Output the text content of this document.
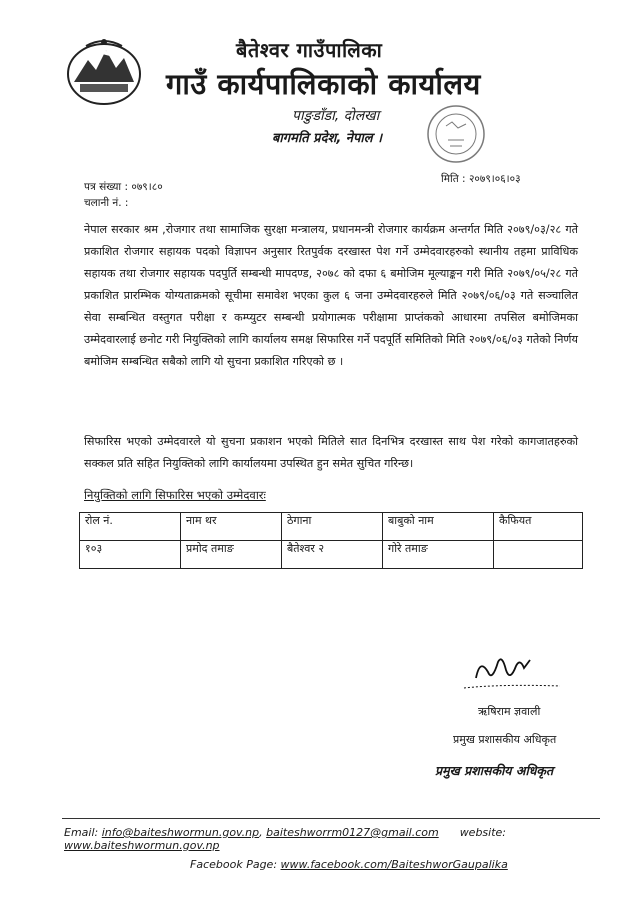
बैतेश्वर गाउँपालिका
गाउँ कार्यपालिकाको कार्यालय
पाङुडाँडा, दोलखा
बागमति प्रदेश, नेपाल ।
पत्र संख्या : ०७९।८०
चलानी नं. :
मिति : २०७९।०६।०३
नेपाल सरकार श्रम ,रोजगार तथा सामाजिक सुरक्षा मन्त्रालय, प्रधानमन्त्री रोजगार कार्यक्रम अन्तर्गत मिति २०७९/०३/२८ गते प्रकाशित रोजगार सहायक पदको विज्ञापन अनुसार रितपुर्वक दरखास्त पेश गर्ने उम्मेदवारहरुको स्थानीय तहमा प्राविधिक सहायक तथा रोजगार सहायक पदपुर्ति सम्बन्धी मापदण्ड, २०७८ को दफा ६ बमोजिम मूल्याङ्कन गरी मिति २०७९/०५/२८ गते प्रकाशित प्रारम्भिक योग्यताक्रमको सूचीमा समावेश भएका कुल ६ जना उम्मेदवारहरुले मिति २०७९/०६/०३ गते सञ्चालित सेवा सम्बन्धित वस्तुगत परीक्षा र कम्प्युटर सम्बन्धी प्रयोगात्मक परीक्षामा प्राप्तंकको आधारमा तपसिल बमोजिमका उम्मेदवारलाई छनोट गरी नियुक्तिको लागि कार्यालय समक्ष सिफारिस गर्ने पदपूर्ति समितिको मिति २०७९/०६/०३ गतेको निर्णय बमोजिम सम्बन्धित सबैको लागि यो सुचना प्रकाशित गरिएको छ ।
सिफारिस भएको उम्मेदवारले यो सुचना प्रकाशन भएको मितिले सात दिनभित्र दरखास्त साथ पेश गरेको कागजातहरुको सक्कल प्रति सहित नियुक्तिको लागि कार्यालयमा उपस्थित हुन समेत सुचित गरिन्छ।
नियुक्तिको लागि सिफारिस भएको उम्मेदवारः
रोल नं.	नाम थर	ठेगाना	बाबुको नाम	कैफियत
१०३	प्रमोद तमाङ	बैतेश्वर २	गोरे तमाङ	
ऋषिराम ज्ञवाली
प्रमुख प्रशासकीय अधिकृत
प्रमुख प्रशासकीय अधिकृत
Email: info@baiteshwormun.gov.np, baiteshworrm0127@gmail.com website: www.baiteshwormun.gov.np
Facebook Page: www.facebook.com/BaiteshworGaupalika
